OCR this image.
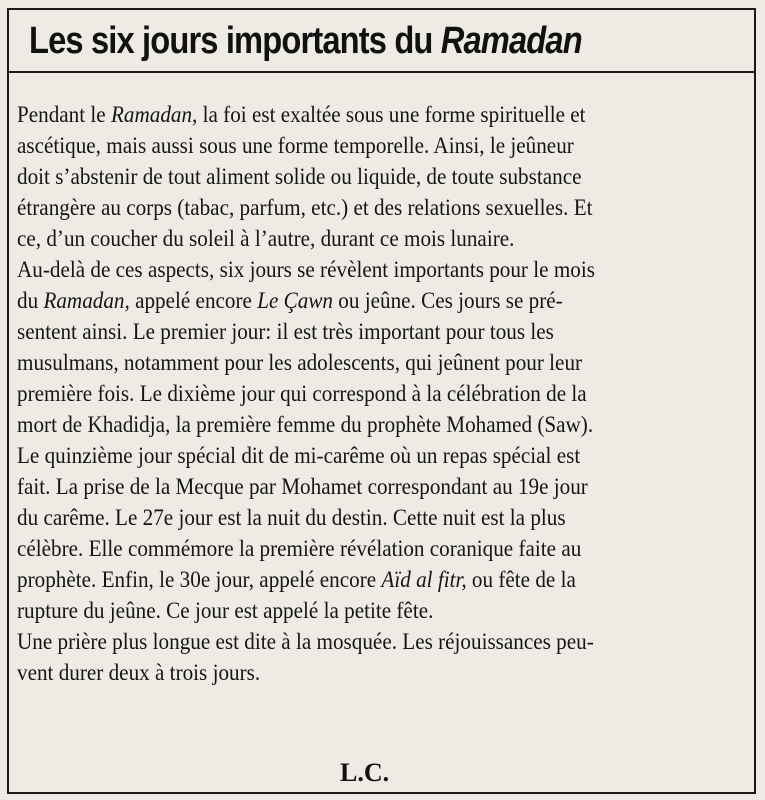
Les six jours importants du Ramadan
Pendant le Ramadan, la foi est exaltée sous une forme spirituelle et
ascétique, mais aussi sous une forme temporelle. Ainsi, le jeûneur
doit s’abstenir de tout aliment solide ou liquide, de toute substance
étrangère au corps (tabac, parfum, etc.) et des relations sexuelles. Et
ce, d’un coucher du soleil à l’autre, durant ce mois lunaire.
Au-delà de ces aspects, six jours se révèlent importants pour le mois
du Ramadan, appelé encore Le Çawn ou jeûne. Ces jours se pré-
sentent ainsi. Le premier jour: il est très important pour tous les
musulmans, notamment pour les adolescents, qui jeûnent pour leur
première fois. Le dixième jour qui correspond à la célébration de la
mort de Khadidja, la première femme du prophète Mohamed (Saw).
Le quinzième jour spécial dit de mi-carême où un repas spécial est
fait. La prise de la Mecque par Mohamet correspondant au 19e jour
du carême. Le 27e jour est la nuit du destin. Cette nuit est la plus
célèbre. Elle commémore la première révélation coranique faite au
prophète. Enfin, le 30e jour, appelé encore Aïd al fitr, ou fête de la
rupture du jeûne. Ce jour est appelé la petite fête.
Une prière plus longue est dite à la mosquée. Les réjouissances peu-
vent durer deux à trois jours.
L.C.
